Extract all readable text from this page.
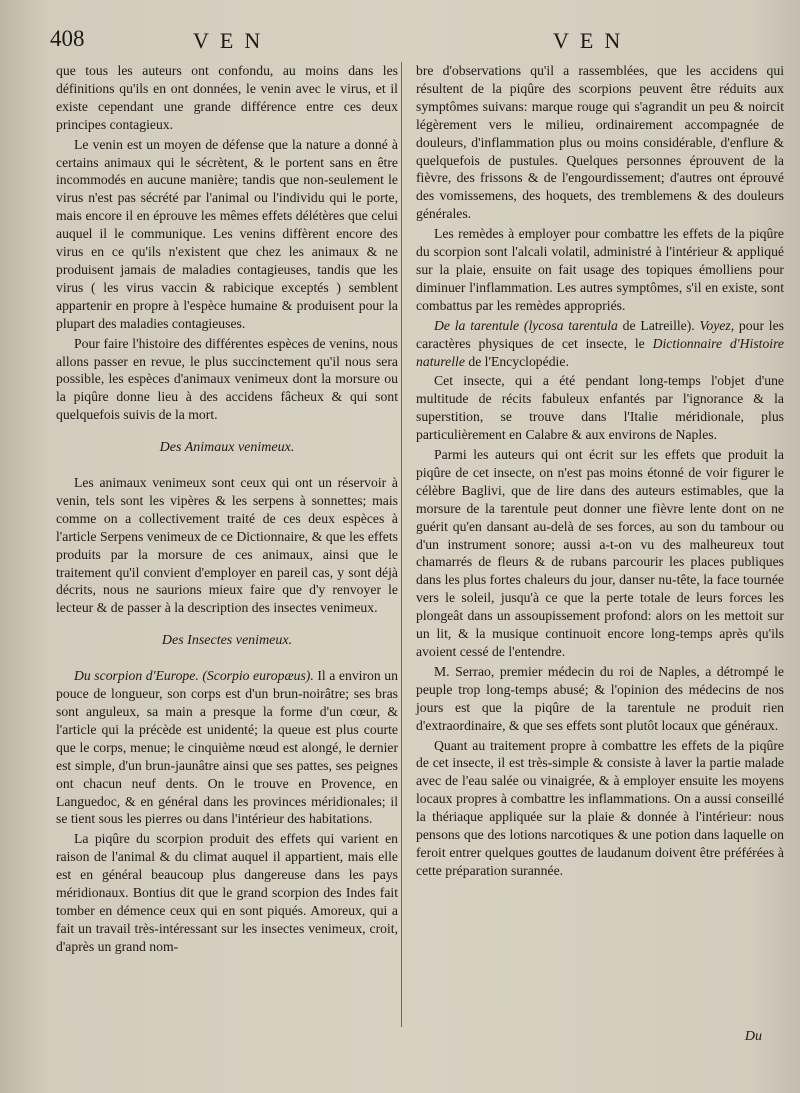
408	VEN	VEN

que tous les auteurs ont confondu, au moins dans les définitions qu'ils en ont données, le venin avec le virus, et il existe cependant une grande différence entre ces deux principes contagieux.

Le venin est un moyen de défense que la nature a donné à certains animaux qui le sécrètent, & le portent sans en être incommodés en aucune manière; tandis que non-seulement le virus n'est pas sécrété par l'animal ou l'individu qui le porte, mais encore il en éprouve les mêmes effets délétères que celui auquel il le communique. Les venins diffèrent encore des virus en ce qu'ils n'existent que chez les animaux & ne produisent jamais de maladies contagieuses, tandis que les virus ( les virus vaccin & rabicique exceptés ) semblent appartenir en propre à l'espèce humaine & produisent pour la plupart des maladies contagieuses.

Pour faire l'histoire des différentes espèces de venins, nous allons passer en revue, le plus succinctement qu'il nous sera possible, les espèces d'animaux venimeux dont la morsure ou la piqûre donne lieu à des accidens fâcheux & qui sont quelquefois suivis de la mort.

Des Animaux venimeux.

Les animaux venimeux sont ceux qui ont un réservoir à venin, tels sont les vipères & les serpens à sonnettes; mais comme on a collectivement traité de ces deux espèces à l'article Serpens venimeux de ce Dictionnaire, & que les effets produits par la morsure de ces animaux, ainsi que le traitement qu'il convient d'employer en pareil cas, y sont déjà décrits, nous ne saurions mieux faire que d'y renvoyer le lecteur & de passer à la description des insectes venimeux.

Des Insectes venimeux.

Du scorpion d'Europe. (Scorpio europæus). Il a environ un pouce de longueur, son corps est d'un brun-noirâtre; ses bras sont anguleux, sa main a presque la forme d'un cœur, & l'article qui la précède est unidenté; la queue est plus courte que le corps, menue; le cinquième nœud est alongé, le dernier est simple, d'un brun-jaunâtre ainsi que ses pattes, ses peignes ont chacun neuf dents. On le trouve en Provence, en Languedoc, & en général dans les provinces méridionales; il se tient sous les pierres ou dans l'intérieur des habitations.

La piqûre du scorpion produit des effets qui varient en raison de l'animal & du climat auquel il appartient, mais elle est en général beaucoup plus dangereuse dans les pays méridionaux. Bontius dit que le grand scorpion des Indes fait tomber en démence ceux qui en sont piqués. Amoreux, qui a fait un travail très-intéressant sur les insectes venimeux, croit, d'après un grand nom-

bre d'observations qu'il a rassemblées, que les accidens qui résultent de la piqûre des scorpions peuvent être réduits aux symptômes suivans: marque rouge qui s'agrandit un peu & noircit légèrement vers le milieu, ordinairement accompagnée de douleurs, d'inflammation plus ou moins considérable, d'enflure & quelquefois de pustules. Quelques personnes éprouvent de la fièvre, des frissons & de l'engourdissement; d'autres ont éprouvé des vomissemens, des hoquets, des tremblemens & des douleurs générales.

Les remèdes à employer pour combattre les effets de la piqûre du scorpion sont l'alcali volatil, administré à l'intérieur & appliqué sur la plaie, ensuite on fait usage des topiques émolliens pour diminuer l'inflammation. Les autres symptômes, s'il en existe, sont combattus par les remèdes appropriés.

De la tarentule (lycosa tarentula de Latreille). Voyez, pour les caractères physiques de cet insecte, le Dictionnaire d'Histoire naturelle de l'Encyclopédie.

Cet insecte, qui a été pendant long-temps l'objet d'une multitude de récits fabuleux enfantés par l'ignorance & la superstition, se trouve dans l'Italie méridionale, plus particulièrement en Calabre & aux environs de Naples.

Parmi les auteurs qui ont écrit sur les effets que produit la piqûre de cet insecte, on n'est pas moins étonné de voir figurer le célèbre Baglivi, que de lire dans des auteurs estimables, que la morsure de la tarentule peut donner une fièvre lente dont on ne guérit qu'en dansant au-delà de ses forces, au son du tambour ou d'un instrument sonore; aussi a-t-on vu des malheureux tout chamarrés de fleurs & de rubans parcourir les places publiques dans les plus fortes chaleurs du jour, danser nu-tête, la face tournée vers le soleil, jusqu'à ce que la perte totale de leurs forces les plongeât dans un assoupissement profond: alors on les mettoit sur un lit, & la musique continuoit encore long-temps après qu'ils avoient cessé de l'entendre.

M. Serrao, premier médecin du roi de Naples, a détrompé le peuple trop long-temps abusé; & l'opinion des médecins de nos jours est que la piqûre de la tarentule ne produit rien d'extraordinaire, & que ses effets sont plutôt locaux que généraux.

Quant au traitement propre à combattre les effets de la piqûre de cet insecte, il est très-simple & consiste à laver la partie malade avec de l'eau salée ou vinaigrée, & à employer ensuite les moyens locaux propres à combattre les inflammations. On a aussi conseillé la thériaque appliquée sur la plaie & donnée à l'intérieur: nous pensons que des lotions narcotiques & une potion dans laquelle on feroit entrer quelques gouttes de laudanum doivent être préférées à cette préparation surannée.

Du
